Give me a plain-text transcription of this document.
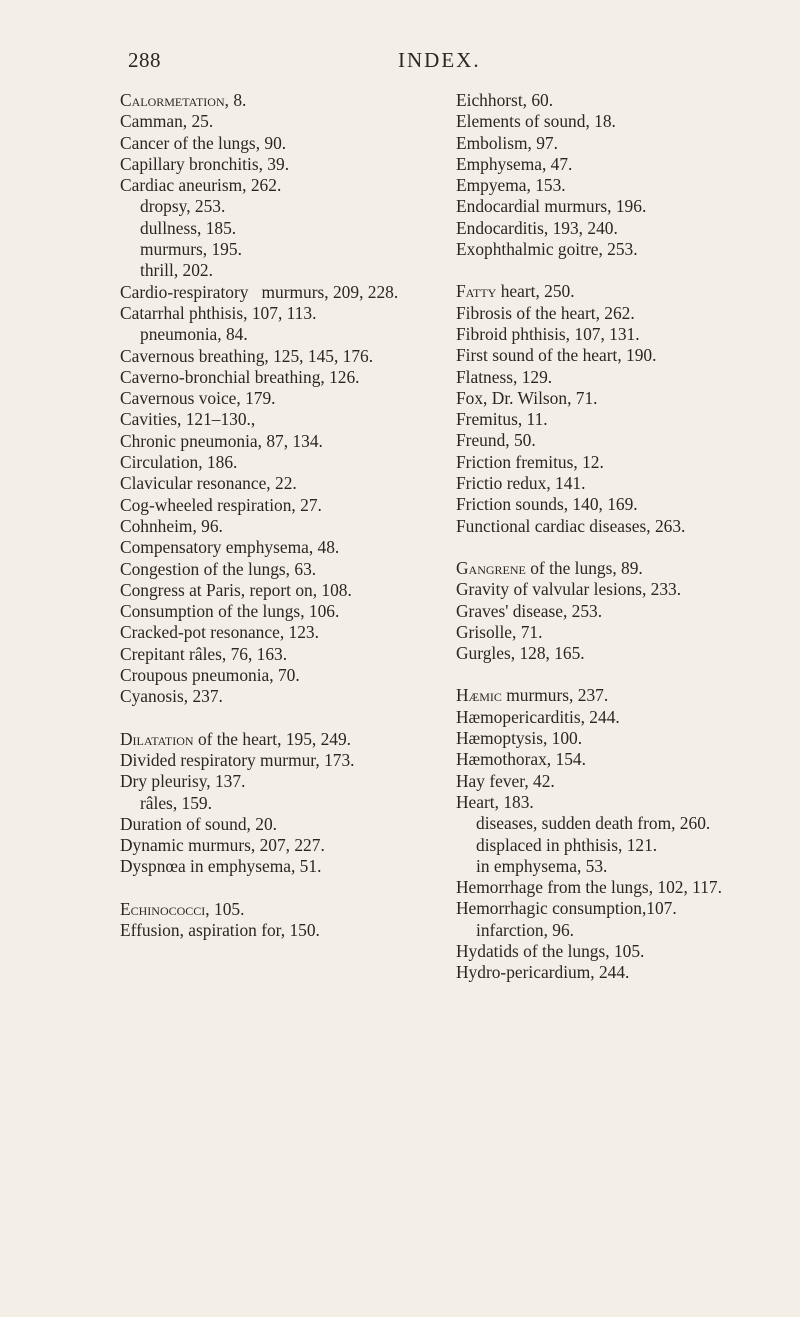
288	INDEX.
Calormetation, 8.
Camman, 25.
Cancer of the lungs, 90.
Capillary bronchitis, 39.
Cardiac aneurism, 262.
dropsy, 253.
dullness, 185.
murmurs, 195.
thrill, 202.
Cardio-respiratory   murmurs, 209, 228.
Catarrhal phthisis, 107, 113.
pneumonia, 84.
Cavernous breathing, 125, 145, 176.
Caverno-bronchial breathing, 126.
Cavernous voice, 179.
Cavities, 121–130.,
Chronic pneumonia, 87, 134.
Circulation, 186.
Clavicular resonance, 22.
Cog-wheeled respiration, 27.
Cohnheim, 96.
Compensatory emphysema, 48.
Congestion of the lungs, 63.
Congress at Paris, report on, 108.
Consumption of the lungs, 106.
Cracked-pot resonance, 123.
Crepitant râles, 76, 163.
Croupous pneumonia, 70.
Cyanosis, 237.
Dilatation of the heart, 195, 249.
Divided respiratory murmur, 173.
Dry pleurisy, 137.
râles, 159.
Duration of sound, 20.
Dynamic murmurs, 207, 227.
Dyspnœa in emphysema, 51.
Echinococci, 105.
Effusion, aspiration for, 150.
Eichhorst, 60.
Elements of sound, 18.
Embolism, 97.
Emphysema, 47.
Empyema, 153.
Endocardial murmurs, 196.
Endocarditis, 193, 240.
Exophthalmic goitre, 253.
Fatty heart, 250.
Fibrosis of the heart, 262.
Fibroid phthisis, 107, 131.
First sound of the heart, 190.
Flatness, 129.
Fox, Dr. Wilson, 71.
Fremitus, 11.
Freund, 50.
Friction fremitus, 12.
Frictio redux, 141.
Friction sounds, 140, 169.
Functional cardiac diseases, 263.
Gangrene of the lungs, 89.
Gravity of valvular lesions, 233.
Graves' disease, 253.
Grisolle, 71.
Gurgles, 128, 165.
Hæmic murmurs, 237.
Hæmopericarditis, 244.
Hæmoptysis, 100.
Hæmothorax, 154.
Hay fever, 42.
Heart, 183.
diseases, sudden death from, 260.
displaced in phthisis, 121.
in emphysema, 53.
Hemorrhage from the lungs, 102, 117.
Hemorrhagic consumption,107.
infarction, 96.
Hydatids of the lungs, 105.
Hydro-pericardium, 244.
